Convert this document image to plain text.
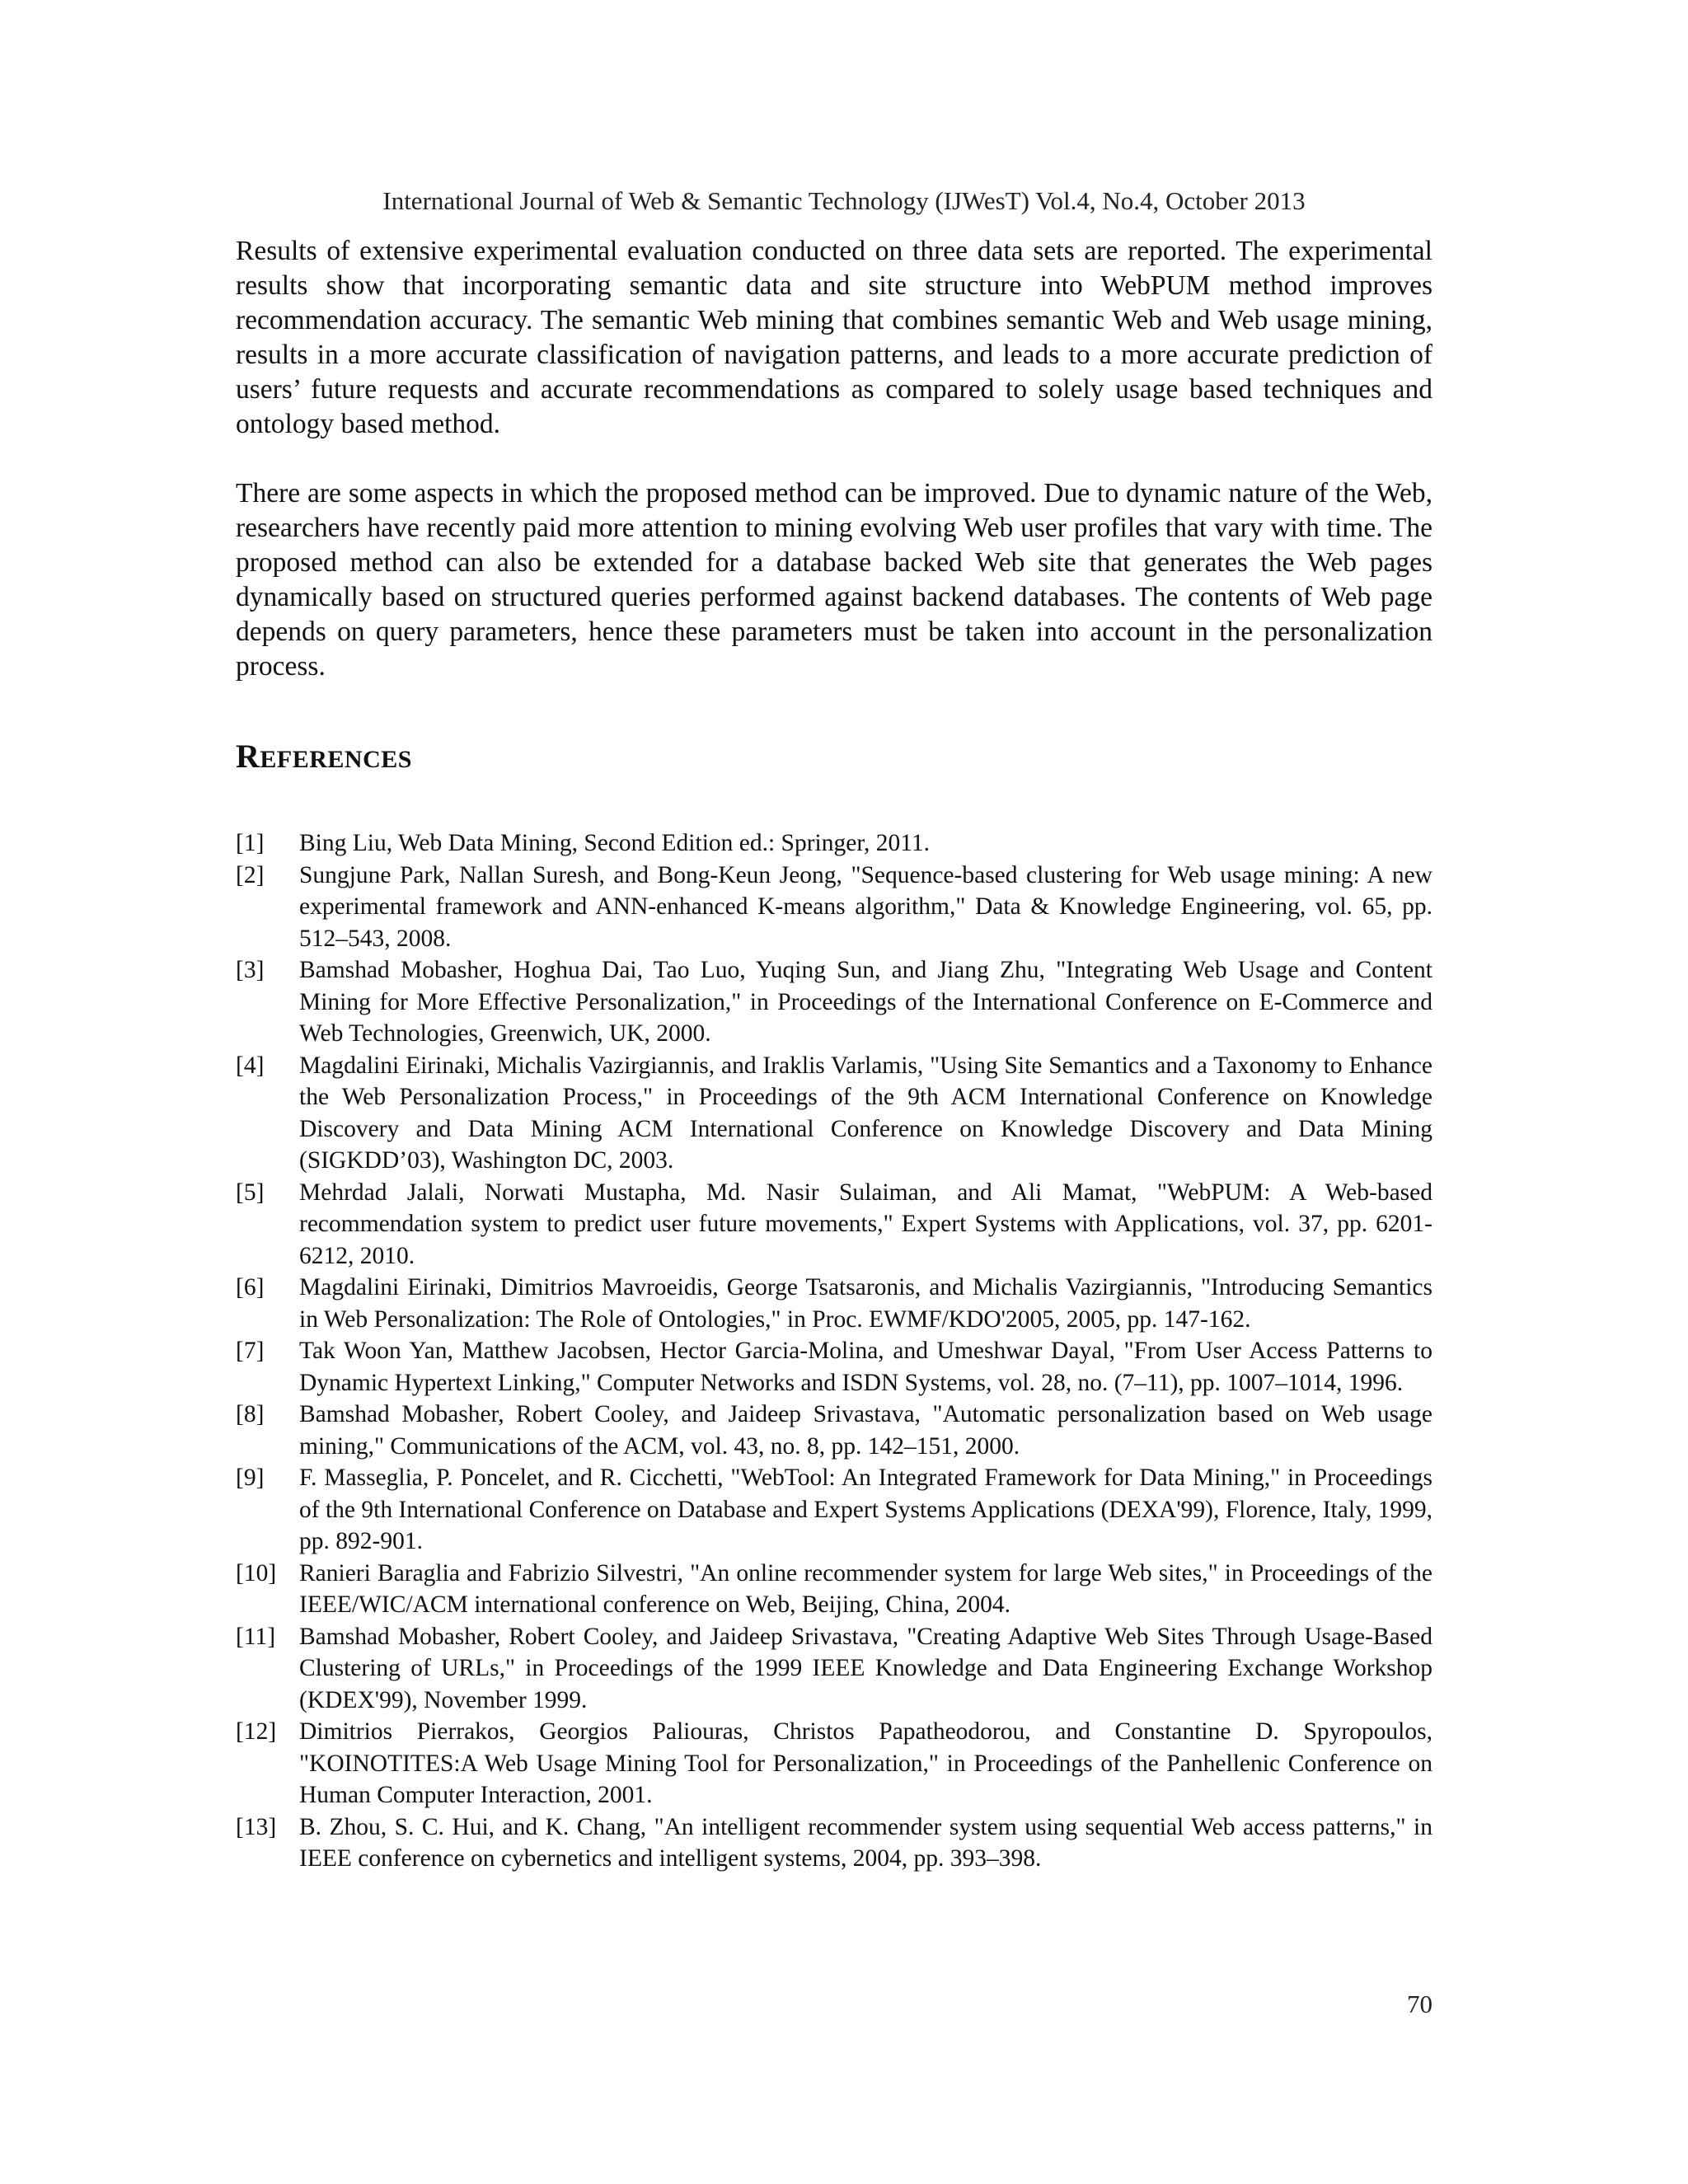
International Journal of Web & Semantic Technology (IJWesT) Vol.4, No.4, October 2013

Results of extensive experimental evaluation conducted on three data sets are reported. The experimental results show that incorporating semantic data and site structure into WebPUM method improves recommendation accuracy. The semantic Web mining that combines semantic Web and Web usage mining, results in a more accurate classification of navigation patterns, and leads to a more accurate prediction of users’ future requests and accurate recommendations as compared to solely usage based techniques and ontology based method.

There are some aspects in which the proposed method can be improved. Due to dynamic nature of the Web, researchers have recently paid more attention to mining evolving Web user profiles that vary with time. The proposed method can also be extended for a database backed Web site that generates the Web pages dynamically based on structured queries performed against backend databases. The contents of Web page depends on query parameters, hence these parameters must be taken into account in the personalization process.

REFERENCES
[1]	Bing Liu, Web Data Mining, Second Edition ed.: Springer, 2011.
[2]	Sungjune Park, Nallan Suresh, and Bong-Keun Jeong, "Sequence-based clustering for Web usage mining: A new experimental framework and ANN-enhanced K-means algorithm," Data & Knowledge Engineering, vol. 65, pp. 512–543, 2008.
[3]	Bamshad Mobasher, Hoghua Dai, Tao Luo, Yuqing Sun, and Jiang Zhu, "Integrating Web Usage and Content Mining for More Effective Personalization," in Proceedings of the International Conference on E-Commerce and Web Technologies, Greenwich, UK, 2000.
[4]	Magdalini Eirinaki, Michalis Vazirgiannis, and Iraklis Varlamis, "Using Site Semantics and a Taxonomy to Enhance the Web Personalization Process," in Proceedings of the 9th ACM International Conference on Knowledge Discovery and Data Mining ACM International Conference on Knowledge Discovery and Data Mining (SIGKDD’03), Washington DC, 2003.
[5]	Mehrdad Jalali, Norwati Mustapha, Md. Nasir Sulaiman, and Ali Mamat, "WebPUM: A Web-based recommendation system to predict user future movements," Expert Systems with Applications, vol. 37, pp. 6201-6212, 2010.
[6]	Magdalini Eirinaki, Dimitrios Mavroeidis, George Tsatsaronis, and Michalis Vazirgiannis, "Introducing Semantics in Web Personalization: The Role of Ontologies," in Proc. EWMF/KDO'2005, 2005, pp. 147-162.
[7]	Tak Woon Yan, Matthew Jacobsen, Hector Garcia-Molina, and Umeshwar Dayal, "From User Access Patterns to Dynamic Hypertext Linking," Computer Networks and ISDN Systems, vol. 28, no. (7–11), pp. 1007–1014, 1996.
[8]	Bamshad Mobasher, Robert Cooley, and Jaideep Srivastava, "Automatic personalization based on Web usage mining," Communications of the ACM, vol. 43, no. 8, pp. 142–151, 2000.
[9]	F. Masseglia, P. Poncelet, and R. Cicchetti, "WebTool: An Integrated Framework for Data Mining," in Proceedings of the 9th International Conference on Database and Expert Systems Applications (DEXA'99), Florence, Italy, 1999, pp. 892-901.
[10] Ranieri Baraglia and Fabrizio Silvestri, "An online recommender system for large Web sites," in Proceedings of the IEEE/WIC/ACM international conference on Web, Beijing, China, 2004.
[11] Bamshad Mobasher, Robert Cooley, and Jaideep Srivastava, "Creating Adaptive Web Sites Through Usage-Based Clustering of URLs," in Proceedings of the 1999 IEEE Knowledge and Data Engineering Exchange Workshop (KDEX'99), November 1999.
[12] Dimitrios Pierrakos, Georgios Paliouras, Christos Papatheodorou, and Constantine D. Spyropoulos, "KOINOTITES:A Web Usage Mining Tool for Personalization," in Proceedings of the Panhellenic Conference on Human Computer Interaction, 2001.
[13] B. Zhou, S. C. Hui, and K. Chang, "An intelligent recommender system using sequential Web access patterns," in IEEE conference on cybernetics and intelligent systems, 2004, pp. 393–398.
70
